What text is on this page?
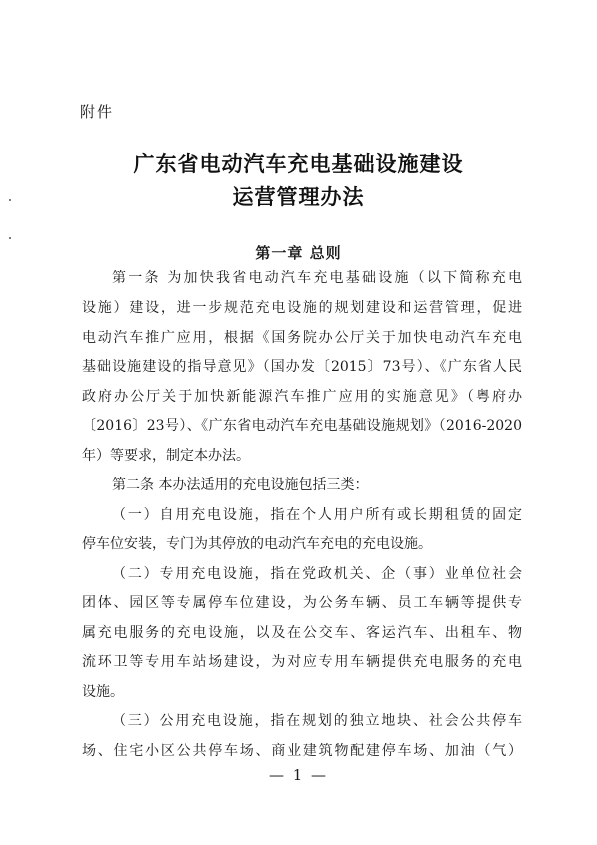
附件
广东省电动汽车充电基础设施建设
运营管理办法
第一章 总则
第一条 为加快我省电动汽车充电基础设施（以下简称充电
设施）建设，进一步规范充电设施的规划建设和运营管理，促进
电动汽车推广应用，根据《国务院办公厅关于加快电动汽车充电
基础设施建设的指导意见》（国办发〔2015〕73号）、《广东省人民
政府办公厅关于加快新能源汽车推广应用的实施意见》（粤府办
〔2016〕23号）、《广东省电动汽车充电基础设施规划》（2016-2020
年）等要求，制定本办法。
第二条 本办法适用的充电设施包括三类：
（一）自用充电设施，指在个人用户所有或长期租赁的固定
停车位安装，专门为其停放的电动汽车充电的充电设施。
（二）专用充电设施，指在党政机关、企（事）业单位社会
团体、园区等专属停车位建设，为公务车辆、员工车辆等提供专
属充电服务的充电设施，以及在公交车、客运汽车、出租车、物
流环卫等专用车站场建设，为对应专用车辆提供充电服务的充电
设施。
（三）公用充电设施，指在规划的独立地块、社会公共停车
场、住宅小区公共停车场、商业建筑物配建停车场、加油（气）
— 1 —
